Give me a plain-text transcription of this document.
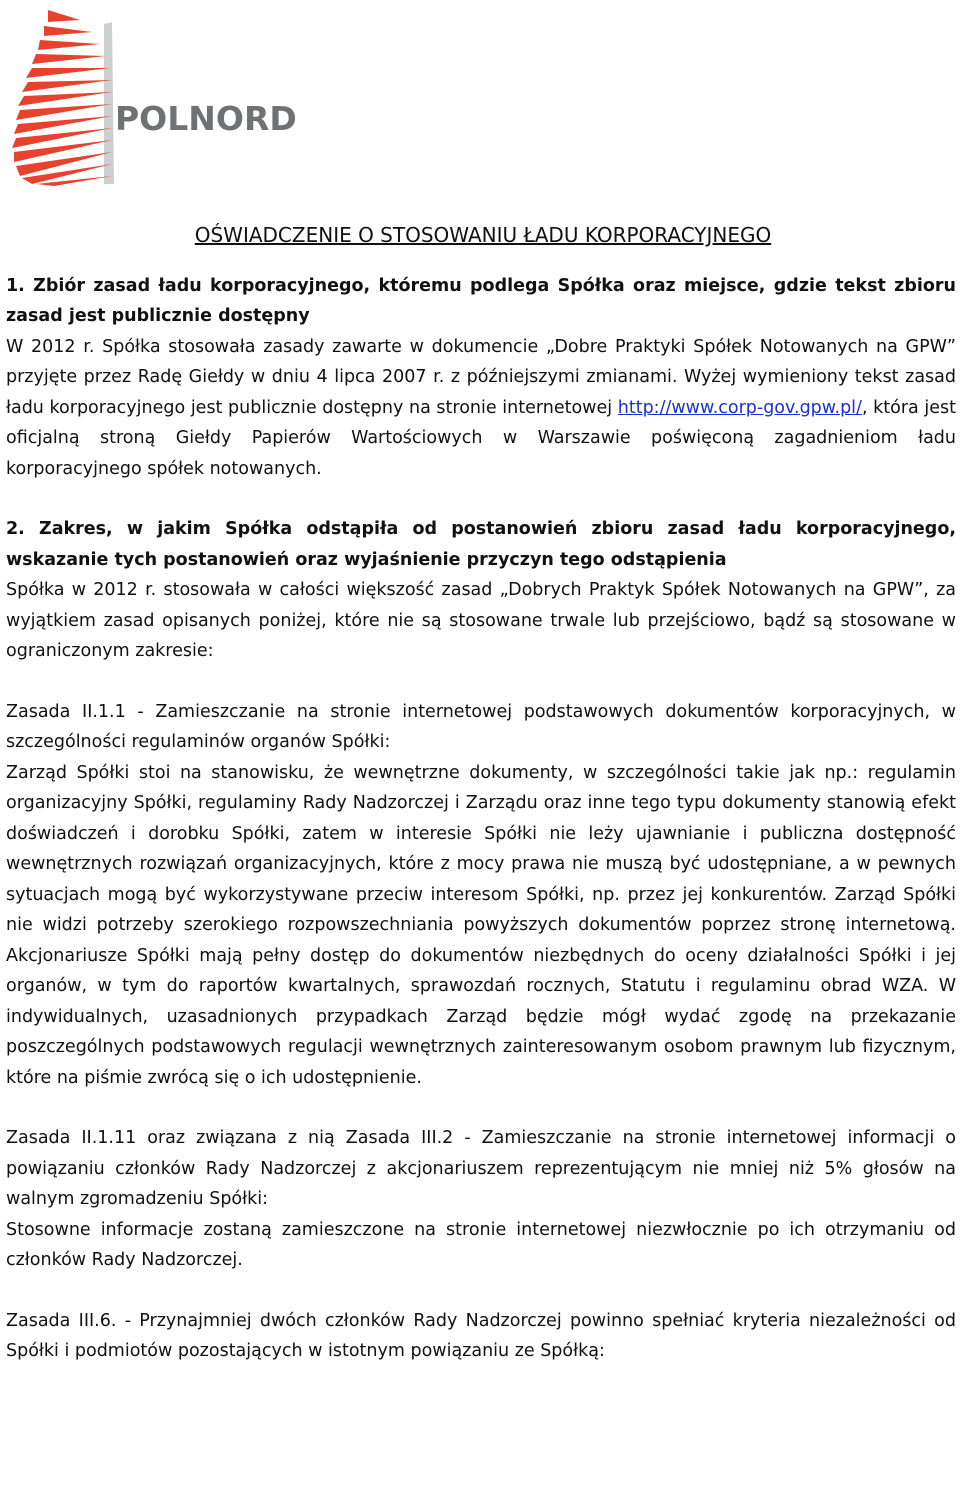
POLNORD
OŚWIADCZENIE O STOSOWANIU ŁADU KORPORACYJNEGO
1. Zbiór zasad ładu korporacyjnego, któremu podlega Spółka oraz miejsce, gdzie tekst zbioru zasad jest publicznie dostępny

W 2012 r. Spółka stosowała zasady zawarte w dokumencie „Dobre Praktyki Spółek Notowanych na GPW” przyjęte przez Radę Giełdy w dniu 4 lipca 2007 r. z późniejszymi zmianami. Wyżej wymieniony tekst zasad ładu korporacyjnego jest publicznie dostępny na stronie internetowej http://www.corp-gov.gpw.pl/, która jest oficjalną stroną Giełdy Papierów Wartościowych w Warszawie poświęconą zagadnieniom ładu korporacyjnego spółek notowanych.

2. Zakres, w jakim Spółka odstąpiła od postanowień zbioru zasad ładu korporacyjnego, wskazanie tych postanowień oraz wyjaśnienie przyczyn tego odstąpienia

Spółka w 2012 r. stosowała w całości większość zasad „Dobrych Praktyk Spółek Notowanych na GPW”, za wyjątkiem zasad opisanych poniżej, które nie są stosowane trwale lub przejściowo, bądź są stosowane w ograniczonym zakresie:

Zasada II.1.1 - Zamieszczanie na stronie internetowej podstawowych dokumentów korporacyjnych, w szczególności regulaminów organów Spółki:

Zarząd Spółki stoi na stanowisku, że wewnętrzne dokumenty, w szczególności takie jak np.: regulamin organizacyjny Spółki, regulaminy Rady Nadzorczej i Zarządu oraz inne tego typu dokumenty stanowią efekt doświadczeń i dorobku Spółki, zatem w interesie Spółki nie leży ujawnianie i publiczna dostępność wewnętrznych rozwiązań organizacyjnych, które z mocy prawa nie muszą być udostępniane, a w pewnych sytuacjach mogą być wykorzystywane przeciw interesom Spółki, np. przez jej konkurentów. Zarząd Spółki nie widzi potrzeby szerokiego rozpowszechniania powyższych dokumentów poprzez stronę internetową. Akcjonariusze Spółki mają pełny dostęp do dokumentów niezbędnych do oceny działalności Spółki i jej organów, w tym do raportów kwartalnych, sprawozdań rocznych, Statutu i regulaminu obrad WZA. W indywidualnych, uzasadnionych przypadkach Zarząd będzie mógł wydać zgodę na przekazanie poszczególnych podstawowych regulacji wewnętrznych zainteresowanym osobom prawnym lub fizycznym, które na piśmie zwrócą się o ich udostępnienie.

Zasada II.1.11 oraz związana z nią Zasada III.2 - Zamieszczanie na stronie internetowej informacji o powiązaniu członków Rady Nadzorczej z akcjonariuszem reprezentującym nie mniej niż 5% głosów na walnym zgromadzeniu Spółki:

Stosowne informacje zostaną zamieszczone na stronie internetowej niezwłocznie po ich otrzymaniu od członków Rady Nadzorczej.

Zasada III.6. - Przynajmniej dwóch członków Rady Nadzorczej powinno spełniać kryteria niezależności od Spółki i podmiotów pozostających w istotnym powiązaniu ze Spółką:
